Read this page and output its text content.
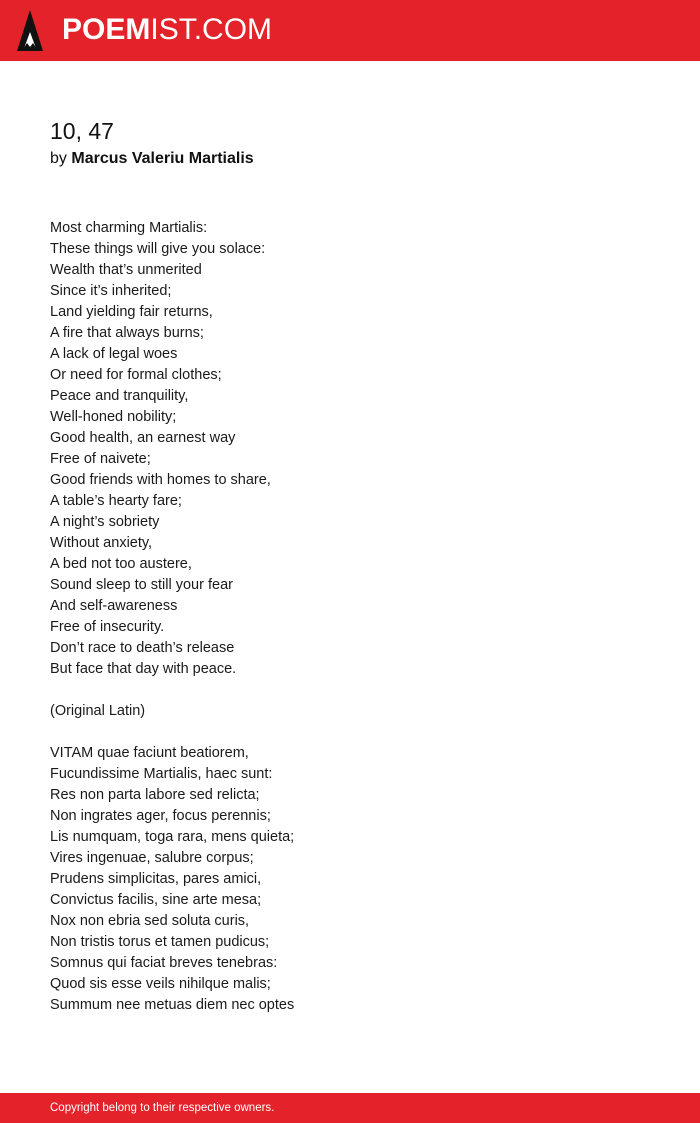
POEMIST.COM
10, 47
by Marcus Valeriu Martialis
Most charming Martialis:
These things will give you solace:
Wealth that’s unmerited
Since it’s inherited;
Land yielding fair returns,
A fire that always burns;
A lack of legal woes
Or need for formal clothes;
Peace and tranquility,
Well-honed nobility;
Good health, an earnest way
Free of naivete;
Good friends with homes to share,
A table’s hearty fare;
A night’s sobriety
Without anxiety,
A bed not too austere,
Sound sleep to still your fear
And self-awareness
Free of insecurity.
Don’t race to death’s release
But face that day with peace.
(Original Latin)
VITAM quae faciunt beatiorem,
Fucundissime Martialis, haec sunt:
Res non parta labore sed relicta;
Non ingrates ager, focus perennis;
Lis numquam, toga rara, mens quieta;
Vires ingenuae, salubre corpus;
Prudens simplicitas, pares amici,
Convictus facilis, sine arte mesa;
Nox non ebria sed soluta curis,
Non tristis torus et tamen pudicus;
Somnus qui faciat breves tenebras:
Quod sis esse veils nihilque malis;
Summum nee metuas diem nec optes
Copyright belong to their respective owners.
